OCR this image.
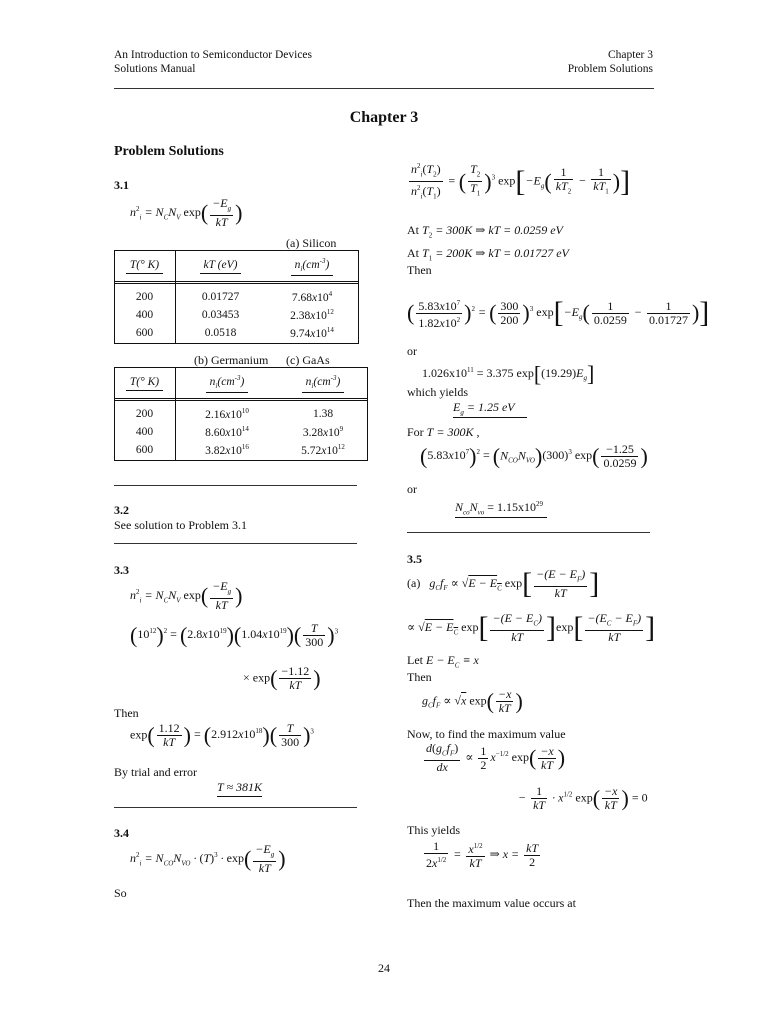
An Introduction to Semiconductor Devices
Solutions Manual
Chapter 3
Problem Solutions
Chapter 3
Problem Solutions
3.1
$n^2_i = N_CN_V$ $\exp( \frac{-E_g}{kT}$ )
(a) Silicon
T(° K)	kT (eV)	$n_i(cm^{-3})$
200	0.01727	$7.68x10^4$
400	0.03453	$2.38x10^{12}$
600	0.0518	$9.74x10^{14}$
(b) Germanium (c) GaAs
T(° K)	$n_i(cm^{-3})$	$n_i(cm^{-3})$
200	$2.16x10^{10}$	1.38
400	$8.60x10^{14}$	$3.28x10^9$
600	$3.82x10^{16}$	$5.72x10^{12}$
3.2
See solution to Problem 3.1
3.3
$n^2_i = N_CN_V$ $\exp( \frac{-E_g}{kT}$ )
$(10^{12})^2 = (2.8x10^{19})(1.04x10^{19})( \frac{T}{300} )^3$
× $\exp( \frac{-1.12}{kT}$ )
Then
$\exp( \frac{1.12}{kT}$ ) = $(2.912x10^{18})( \frac{T}{300} )^3$
By trial and error
T ≈ 381K
3.4
$n^2_i = N_{CO}N_{VO} \cdot (T)^3 \cdot \exp( \frac{-E_g}{kT}$ )
So
$\frac{n^2_i(T_2)}{n^2_i(T_1)}$ = ( $\frac{T_2}{T_1} )^3$ $\exp[-E_g( \frac{1}{kT_2} - \frac{1}{kT_1}$ )]
At $T_2 = 300K$ ⇒ kT = 0.0259 eV
At $T_1 = 200K$ ⇒ kT = 0.01727 eV
Then
( $\frac{5.83x10^7}{1.82x10^2} )^2$ = ( $\frac{300}{200} )^3$ $\exp[-E_g( \frac{1}{0.0259} - \frac{1}{0.01727}$ )]
or
$1.026x10^{11} = 3.375$ $\exp[(19.29)E_g]$
which yields
$E_g = 1.25$ eV
For T = 300K ,
$(5.83x10^7)^2 = (N_{CO}N_{VO})(300)^3$ $\exp( \frac{-1.25}{0.0259}$ )
or
$N_{co}N_{vo} = 1.15x10^{29}$
3.5
(a)   $g_Cf_F \propto √E - E_C$ $\exp[ \frac{-(E - E_F)}{kT}$ ]
∝ $√E - E_C$ $\exp[ \frac{-(E - E_C)}{kT} ]\exp[ \frac{-(E_C - E_F)}{kT}$ ]
Let $E - E_C \equiv x$
Then
$g_Cf_F \propto √x$ $\exp( \frac{-x}{kT}$ )
Now, to find the maximum value
$\frac{d(g_Cf_F)}{dx} \propto \frac{1}{2} x^{-1/2}$ $\exp( \frac{-x}{kT}$ )
− $\frac{1}{kT} \cdot x^{1/2}$ $\exp( \frac{-x}{kT}$ ) = 0
This yields
$\frac{1}{2x^{1/2}} = \frac{x^{1/2}}{kT}$ ⇒ $x = \frac{kT}{2}$
Then the maximum value occurs at
24
